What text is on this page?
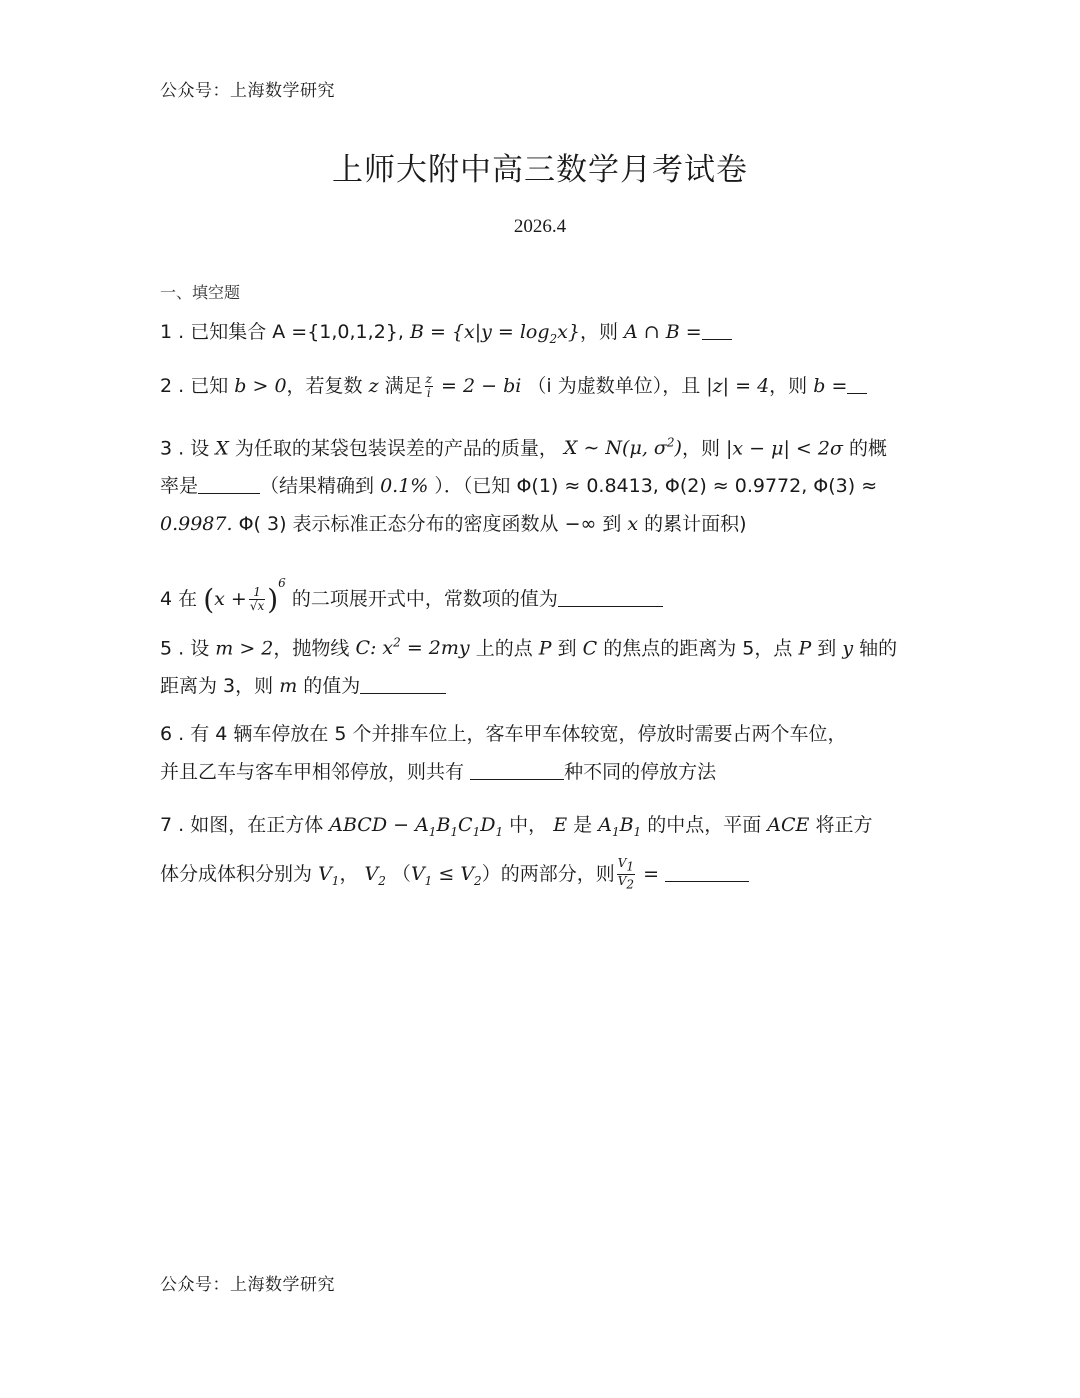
公众号：上海数学研究
上师大附中高三数学月考试卷
2026.4
一、填空题
1 . 已知集合 A ={1,0,1,2}, $B = \{x|y = \log_2x\}$，则 A ∩ B =
2 . 已知 b > 0，若复数 z 满足 $\frac{z}{i} = 2$ − bi （i 为虚数单位），且 |z| = 4，则 b =
3 . 设 X 为任取的某袋包装误差的产品的质量， X ∼ N(μ, $\sigma^2$)，则 |x − μ| < 2σ 的概
率是	（结果精确到 0.1% ）．（已知 Φ(1) ≈ 0.8413, Φ(2) ≈ 0.9772, Φ(3) ≈
0.9987. Φ( 3) 表示标准正态分布的密度函数从 −∞ 到 x 的累计面积)
4 在 $(x + \frac{1}{√x} )^6$ 的二项展开式中，常数项的值为
5 . 设 m > 2，抛物线 C: $x^2 = 2my$ 上的点 P 到 C 的焦点的距离为 5，点 P 到 y 轴的
距离为 3，则 m 的值为
6 . 有 4 辆车停放在 5 个并排车位上，客车甲车体较宽，停放时需要占两个车位，
并且乙车与客车甲相邻停放，则共有	种不同的停放方法
7 . 如图，在正方体 ABCD − $A_1B_1C_1D_1$ 中， E 是 $A_1B_1$ 的中点，平面 ACE 将正方
体分成体积分别为 $V_1$， $V_2$ $(V_1 \le V_2)$的两部分，则 $\frac{V_1}{V_2}$ =
公众号：上海数学研究
